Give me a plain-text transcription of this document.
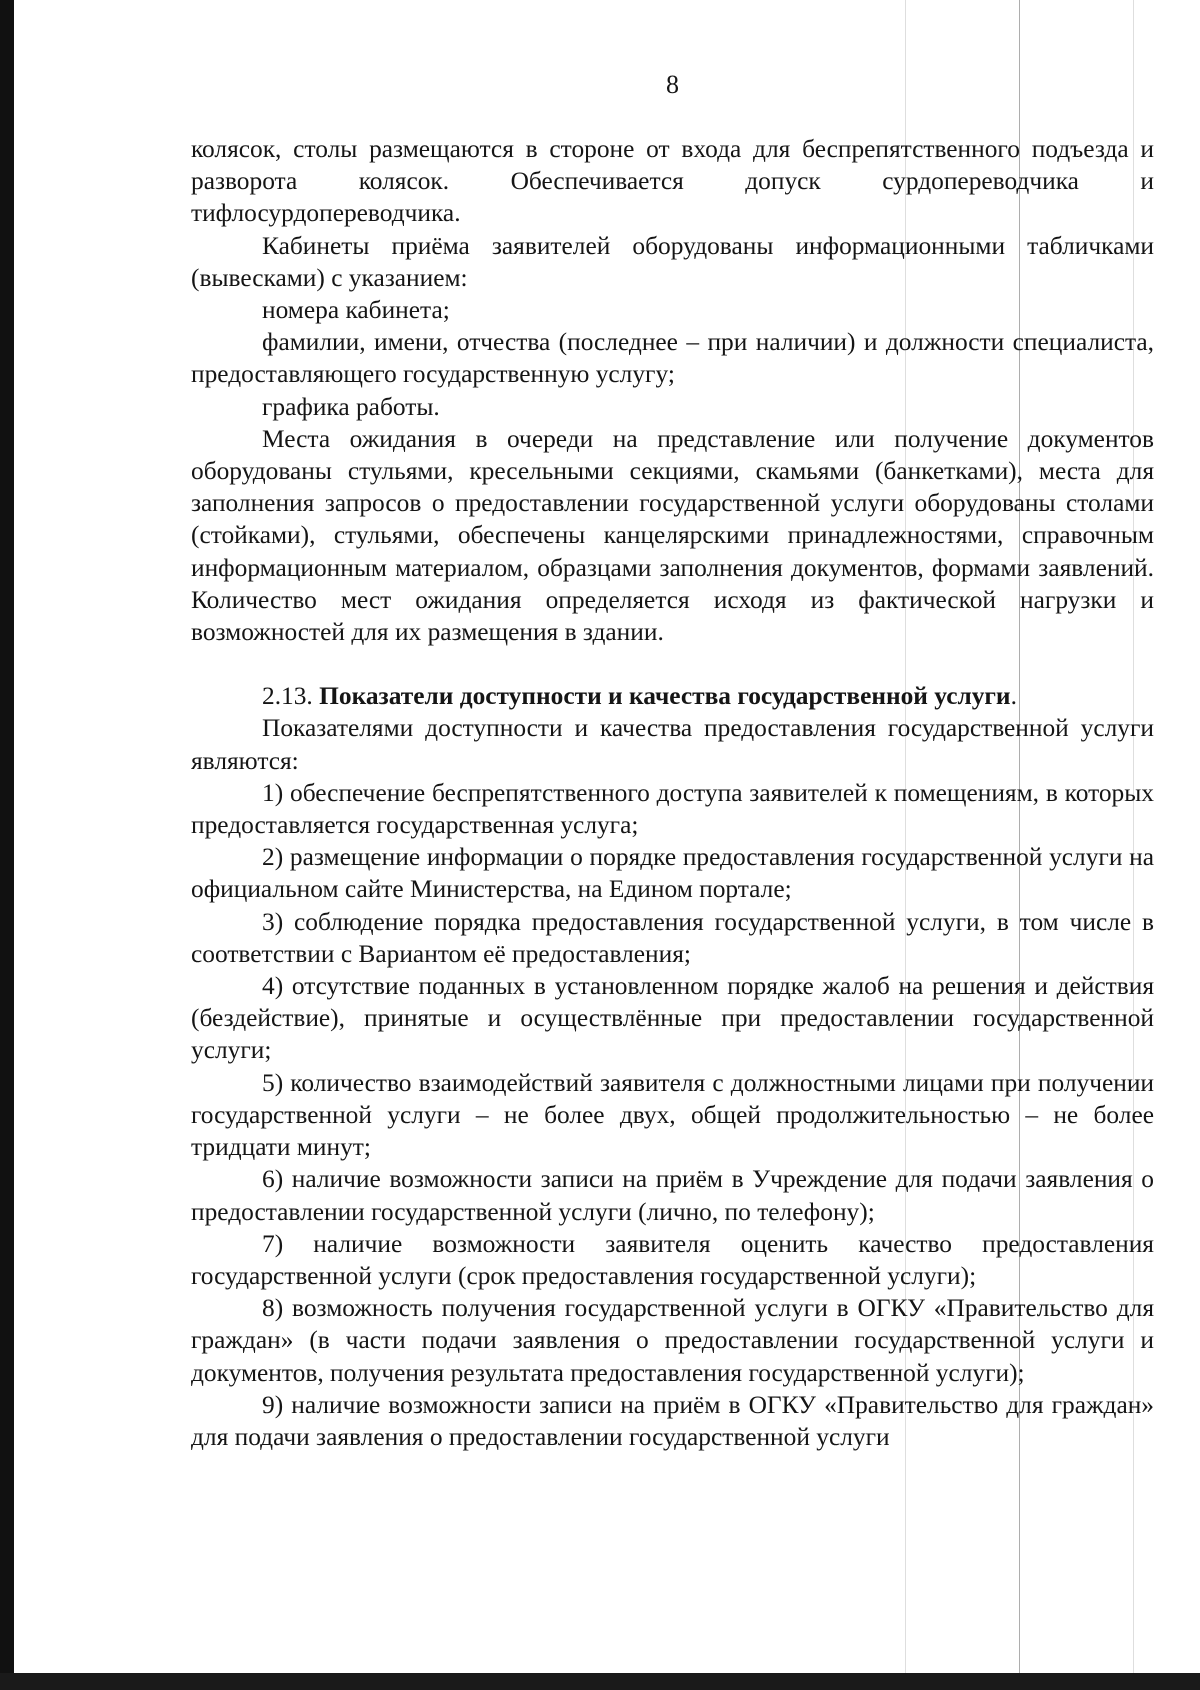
8

колясок, столы размещаются в стороне от входа для беспрепятственного подъезда и разворота колясок. Обеспечивается допуск сурдопереводчика и тифлосурдопереводчика.

Кабинеты приёма заявителей оборудованы информационными табличками (вывесками) с указанием:

номера кабинета;

фамилии, имени, отчества (последнее – при наличии) и должности специалиста, предоставляющего государственную услугу;

графика работы.

Места ожидания в очереди на представление или получение документов оборудованы стульями, кресельными секциями, скамьями (банкетками), места для заполнения запросов о предоставлении государственной услуги оборудованы столами (стойками), стульями, обеспечены канцелярскими принадлежностями, справочным информационным материалом, образцами заполнения документов, формами заявлений. Количество мест ожидания определяется исходя из фактической нагрузки и возможностей для их размещения в здании.

2.13. Показатели доступности и качества государственной услуги.

Показателями доступности и качества предоставления государственной услуги являются:

1) обеспечение беспрепятственного доступа заявителей к помещениям, в которых предоставляется государственная услуга;

2) размещение информации о порядке предоставления государственной услуги на официальном сайте Министерства, на Едином портале;

3) соблюдение порядка предоставления государственной услуги, в том числе в соответствии с Вариантом её предоставления;

4) отсутствие поданных в установленном порядке жалоб на решения и действия (бездействие), принятые и осуществлённые при предоставлении государственной услуги;

5) количество взаимодействий заявителя с должностными лицами при получении государственной услуги – не более двух, общей продолжительностью – не более тридцати минут;

6) наличие возможности записи на приём в Учреждение для подачи заявления о предоставлении государственной услуги (лично, по телефону);

7) наличие возможности заявителя оценить качество предоставления государственной услуги (срок предоставления государственной услуги);

8) возможность получения государственной услуги в ОГКУ «Правительство для граждан» (в части подачи заявления о предоставлении государственной услуги и документов, получения результата предоставления государственной услуги);

9) наличие возможности записи на приём в ОГКУ «Правительство для граждан» для подачи заявления о предоставлении государственной услуги
